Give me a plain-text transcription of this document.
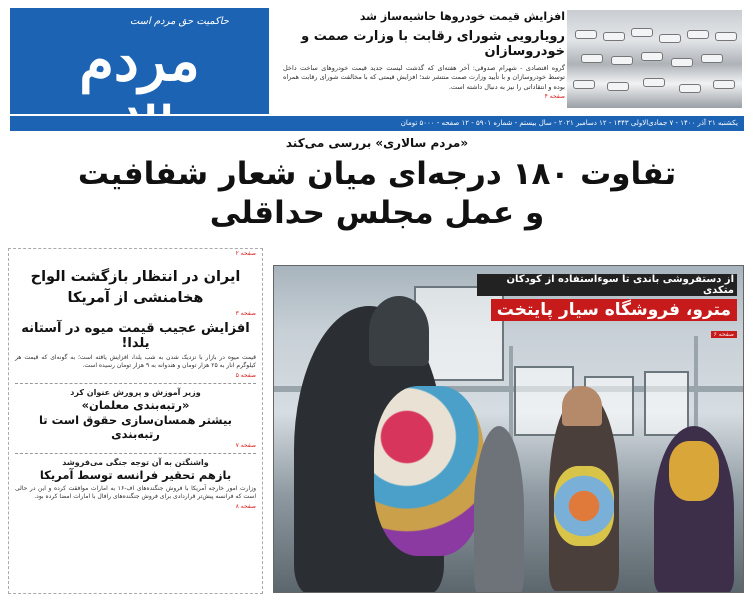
حاکمیت حق مردم است
مردم
افزایش قیمت خودروها حاشیه‌ساز شد
رویارویی شورای رقابت با وزارت صمت و خودروسازان
گروه اقتصادی - شهرام صدوقی: آخر هفته‌ای که گذشت لیست جدید قیمت خودروهای ساخت داخل توسط خودروسازان و با تأیید وزارت صمت منتشر شد؛ افزایش قیمتی که با مخالفت شورای رقابت همراه بوده و انتقاداتی را نیز به دنبال داشته است.
صفحه ۴
یکشنبه ۲۱ آذر ۱۴۰۰ - ۷ جمادی‌الاولی ۱۴۴۳ - ۱۲ دسامبر ۲۰۲۱ - سال بیستم - شماره ۵۹۰۱ - ۱۲ صفحه - ۵۰۰۰ تومان
«مردم سالاری» بررسی می‌کند
تفاوت ۱۸۰ درجه‌ای میان شعار شفافیت
و عمل مجلس حداقلی
صفحه ۲
ایران در انتظار بازگشت الواح هخامنشی از آمریکا
صفحه ۳
افزایش عجیب قیمت میوه در آستانه یلدا!
قیمت میوه در بازار با نزدیک شدن به شب یلدا، افزایش یافته است؛ به گونه‌ای که قیمت هر کیلوگرم انار به ۲۵ هزار تومان و هندوانه به ۹ هزار تومان رسیده است.
صفحه ۵
وزیر آموزش و پرورش عنوان کرد
«رتبه‌بندی معلمان»
بیشتر همسان‌سازی حقوق است تا رتبه‌بندی
صفحه ۷
واشنگتن به آن توجه جنگی می‌فروشد
بازهم تحقیر فرانسه توسط آمریکا
وزارت امور خارجه آمریکا با فروش جنگنده‌های اف-۱۶ به امارات موافقت کرده و این در حالی است که فرانسه پیش‌تر قراردادی برای فروش جنگنده‌های رافال با امارات امضا کرده بود.
صفحه ۸
از دستفروشی باندی تا سوءاستفاده از کودکان متکدی مترو، فروشگاه سیار پایتخت
صفحه ۶
